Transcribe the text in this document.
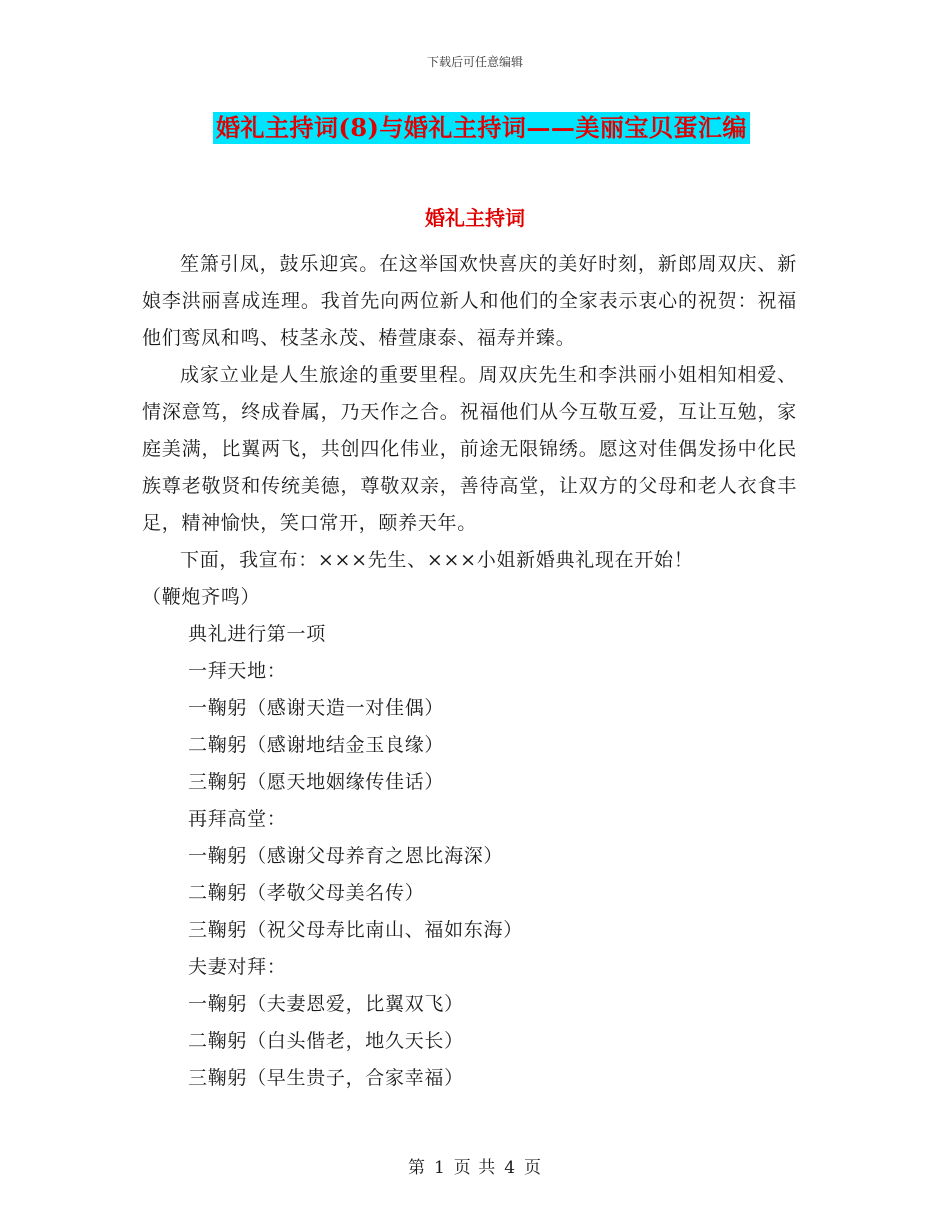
下载后可任意编辑
婚礼主持词(8)与婚礼主持词——美丽宝贝蛋汇编
婚礼主持词

笙箫引凤，鼓乐迎宾。在这举国欢快喜庆的美好时刻，新郎周双庆、新娘李洪丽喜成连理。我首先向两位新人和他们的全家表示衷心的祝贺：祝福他们鸾凤和鸣、枝茎永茂、椿萱康泰、福寿并臻。

成家立业是人生旅途的重要里程。周双庆先生和李洪丽小姐相知相爱、情深意笃，终成眷属，乃天作之合。祝福他们从今互敬互爱，互让互勉，家庭美满，比翼两飞，共创四化伟业，前途无限锦绣。愿这对佳偶发扬中化民族尊老敬贤和传统美德，尊敬双亲，善待高堂，让双方的父母和老人衣食丰足，精神愉快，笑口常开，颐养天年。

下面，我宣布：×××先生、×××小姐新婚典礼现在开始！

（鞭炮齐鸣）

典礼进行第一项

一拜天地：

一鞠躬（感谢天造一对佳偶）

二鞠躬（感谢地结金玉良缘）

三鞠躬（愿天地姻缘传佳话）

再拜高堂：

一鞠躬（感谢父母养育之恩比海深）

二鞠躬（孝敬父母美名传）

三鞠躬（祝父母寿比南山、福如东海）

夫妻对拜：

一鞠躬（夫妻恩爱，比翼双飞）

二鞠躬（白头偕老，地久天长）

三鞠躬（早生贵子，合家幸福）

第 1 页 共 4 页
